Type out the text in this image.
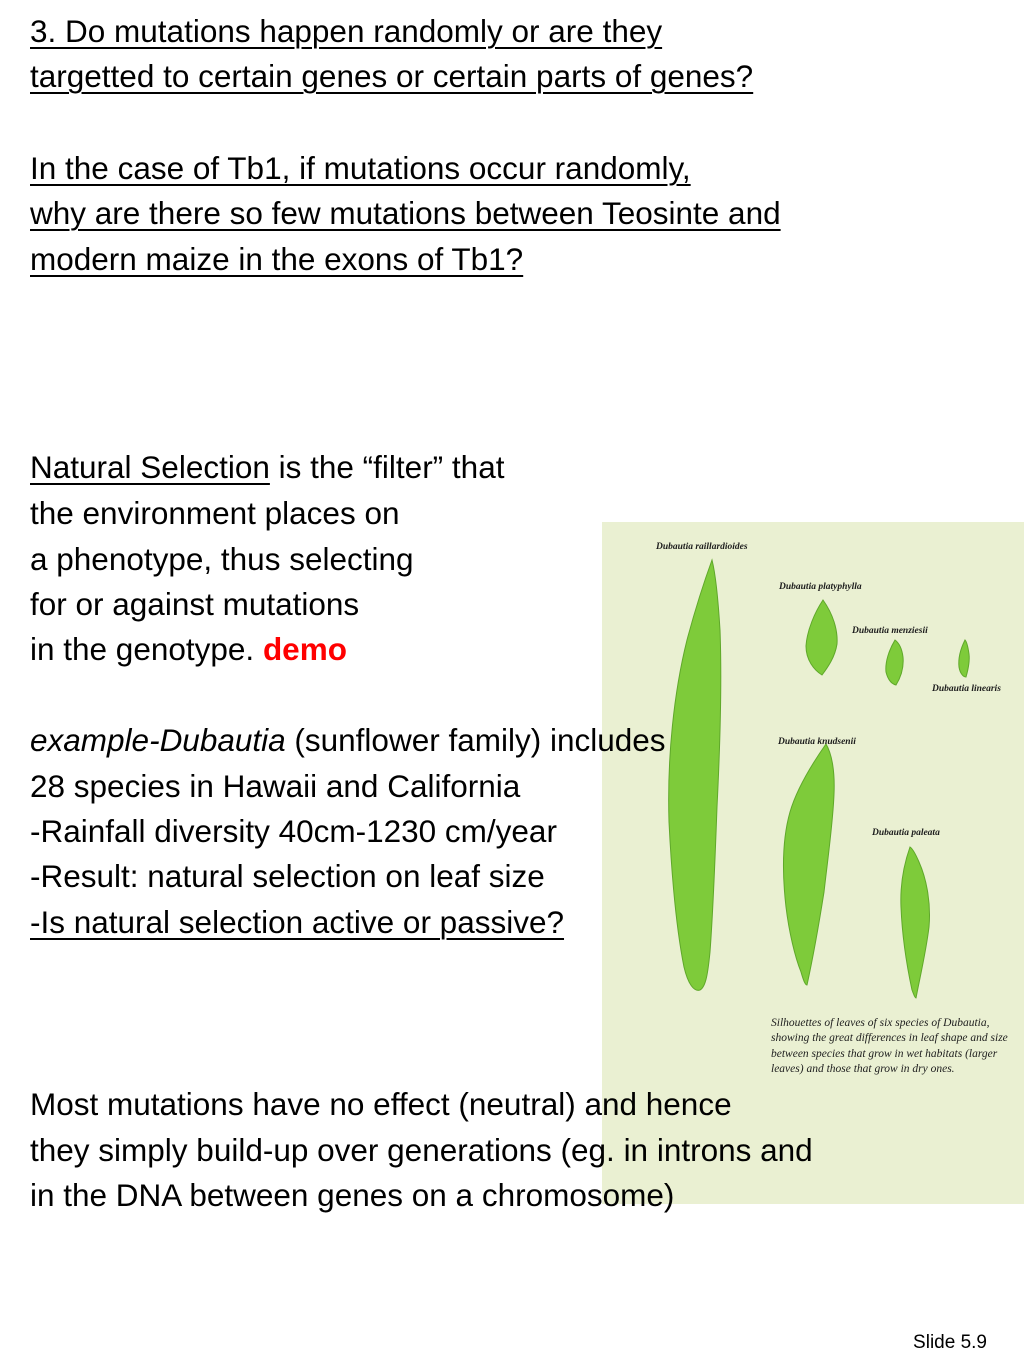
3. Do mutations happen randomly or are they

targetted to certain genes or certain parts of genes?

In the case of Tb1, if mutations occur randomly,

why are there so few mutations between Teosinte and

modern maize in the exons of Tb1?

Natural Selection is the “filter” that

the environment places on

Dubautia raillardioides
Dubautia platyphylla
Dubautia menziesii
Dubautia linearis
Dubautia knudsenii
Dubautia paleata
Silhouettes of leaves of six species of Dubautia, showing the great differences in leaf shape and size between species that grow in wet habitats (larger leaves) and those that grow in dry ones.

a phenotype, thus selecting

for or against mutations

in the genotype. demo

example-Dubautia (sunflower family) includes

28 species in Hawaii and California

-Rainfall diversity 40cm-1230 cm/year

-Result: natural selection on leaf size

-Is natural selection active or passive?

Most mutations have no effect (neutral) and hence

they simply build-up over generations (eg. in introns and

in the DNA between genes on a chromosome)

Slide 5.9
